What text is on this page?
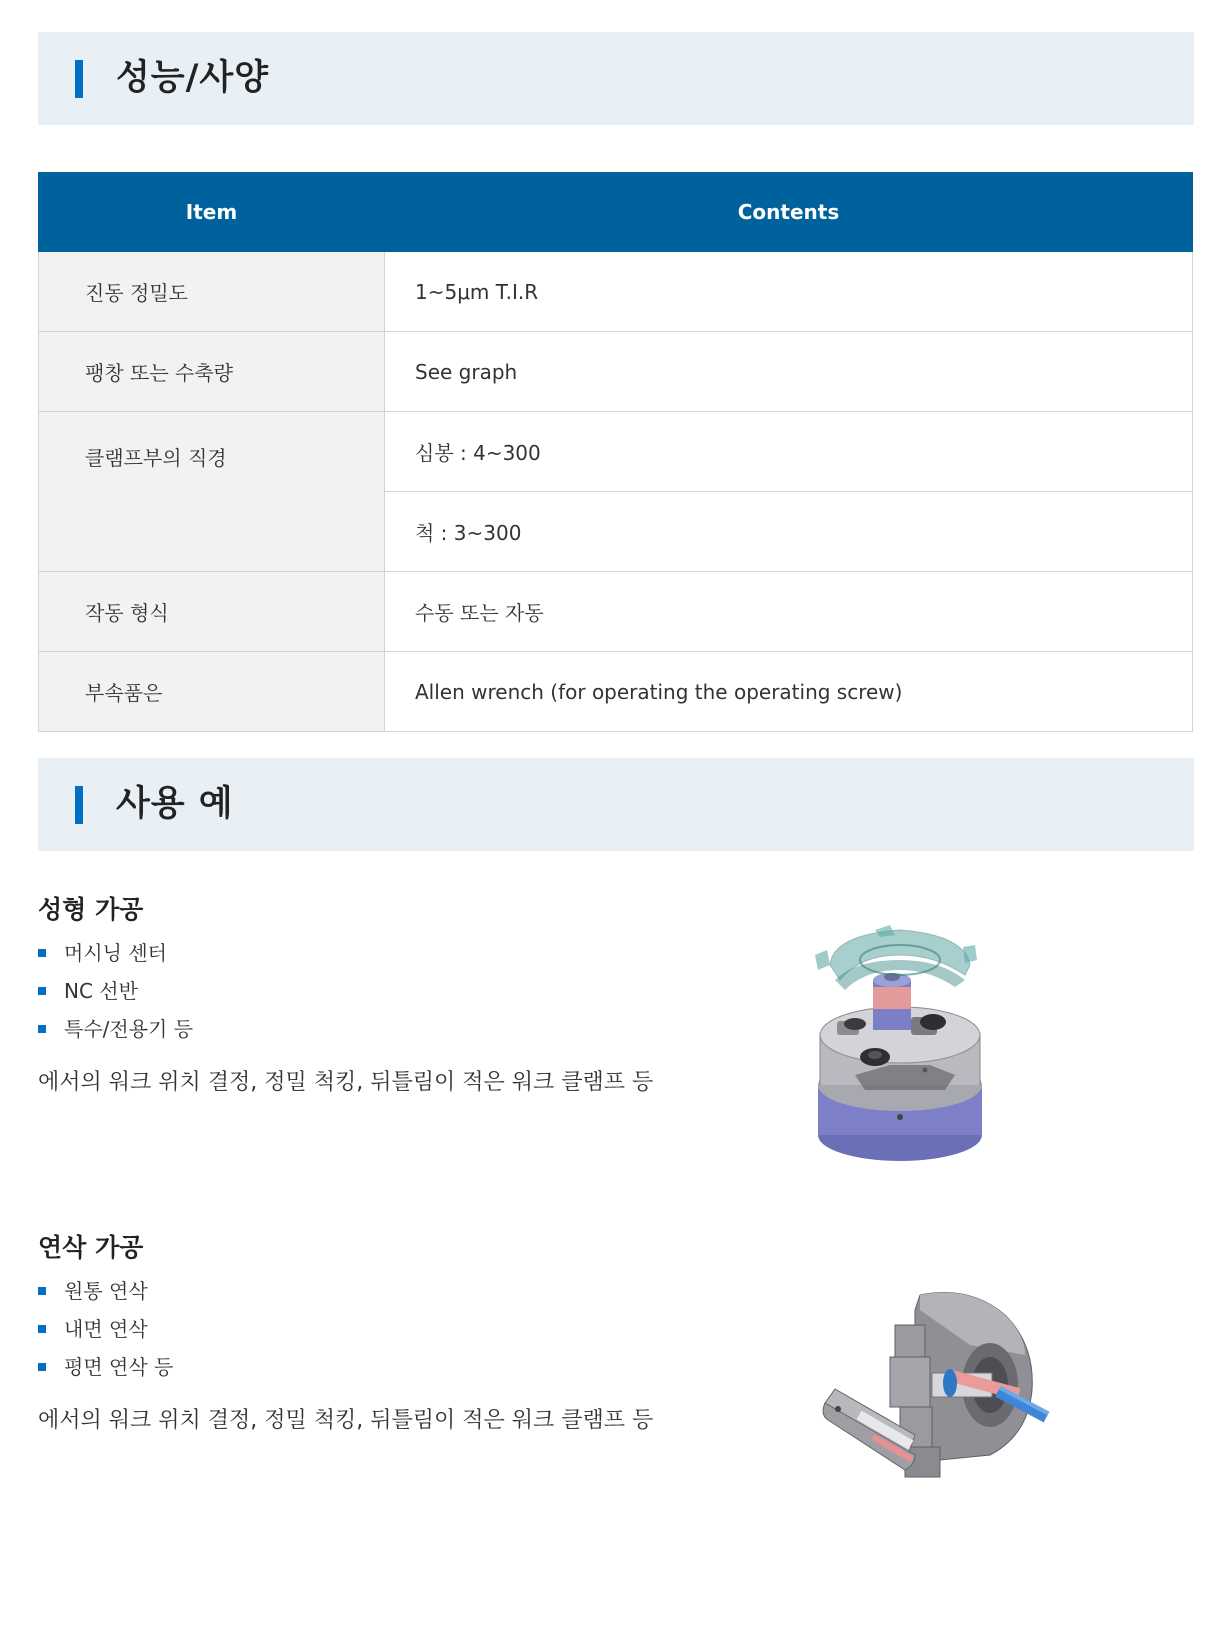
성능/사양
Item	Contents
진동 정밀도	1~5μm T.I.R
팽창 또는 수축량	See graph
클램프부의 직경	심봉 : 4~300
	척 : 3~300
작동 형식	수동 또는 자동
부속품은	Allen wrench (for operating the operating screw)
사용 예
성형 가공
머시닝 센터
NC 선반
특수/전용기 등
에서의 워크 위치 결정, 정밀 척킹, 뒤틀림이 적은 워크 클램프 등
연삭 가공
원통 연삭
내면 연삭
평면 연삭 등
에서의 워크 위치 결정, 정밀 척킹, 뒤틀림이 적은 워크 클램프 등
